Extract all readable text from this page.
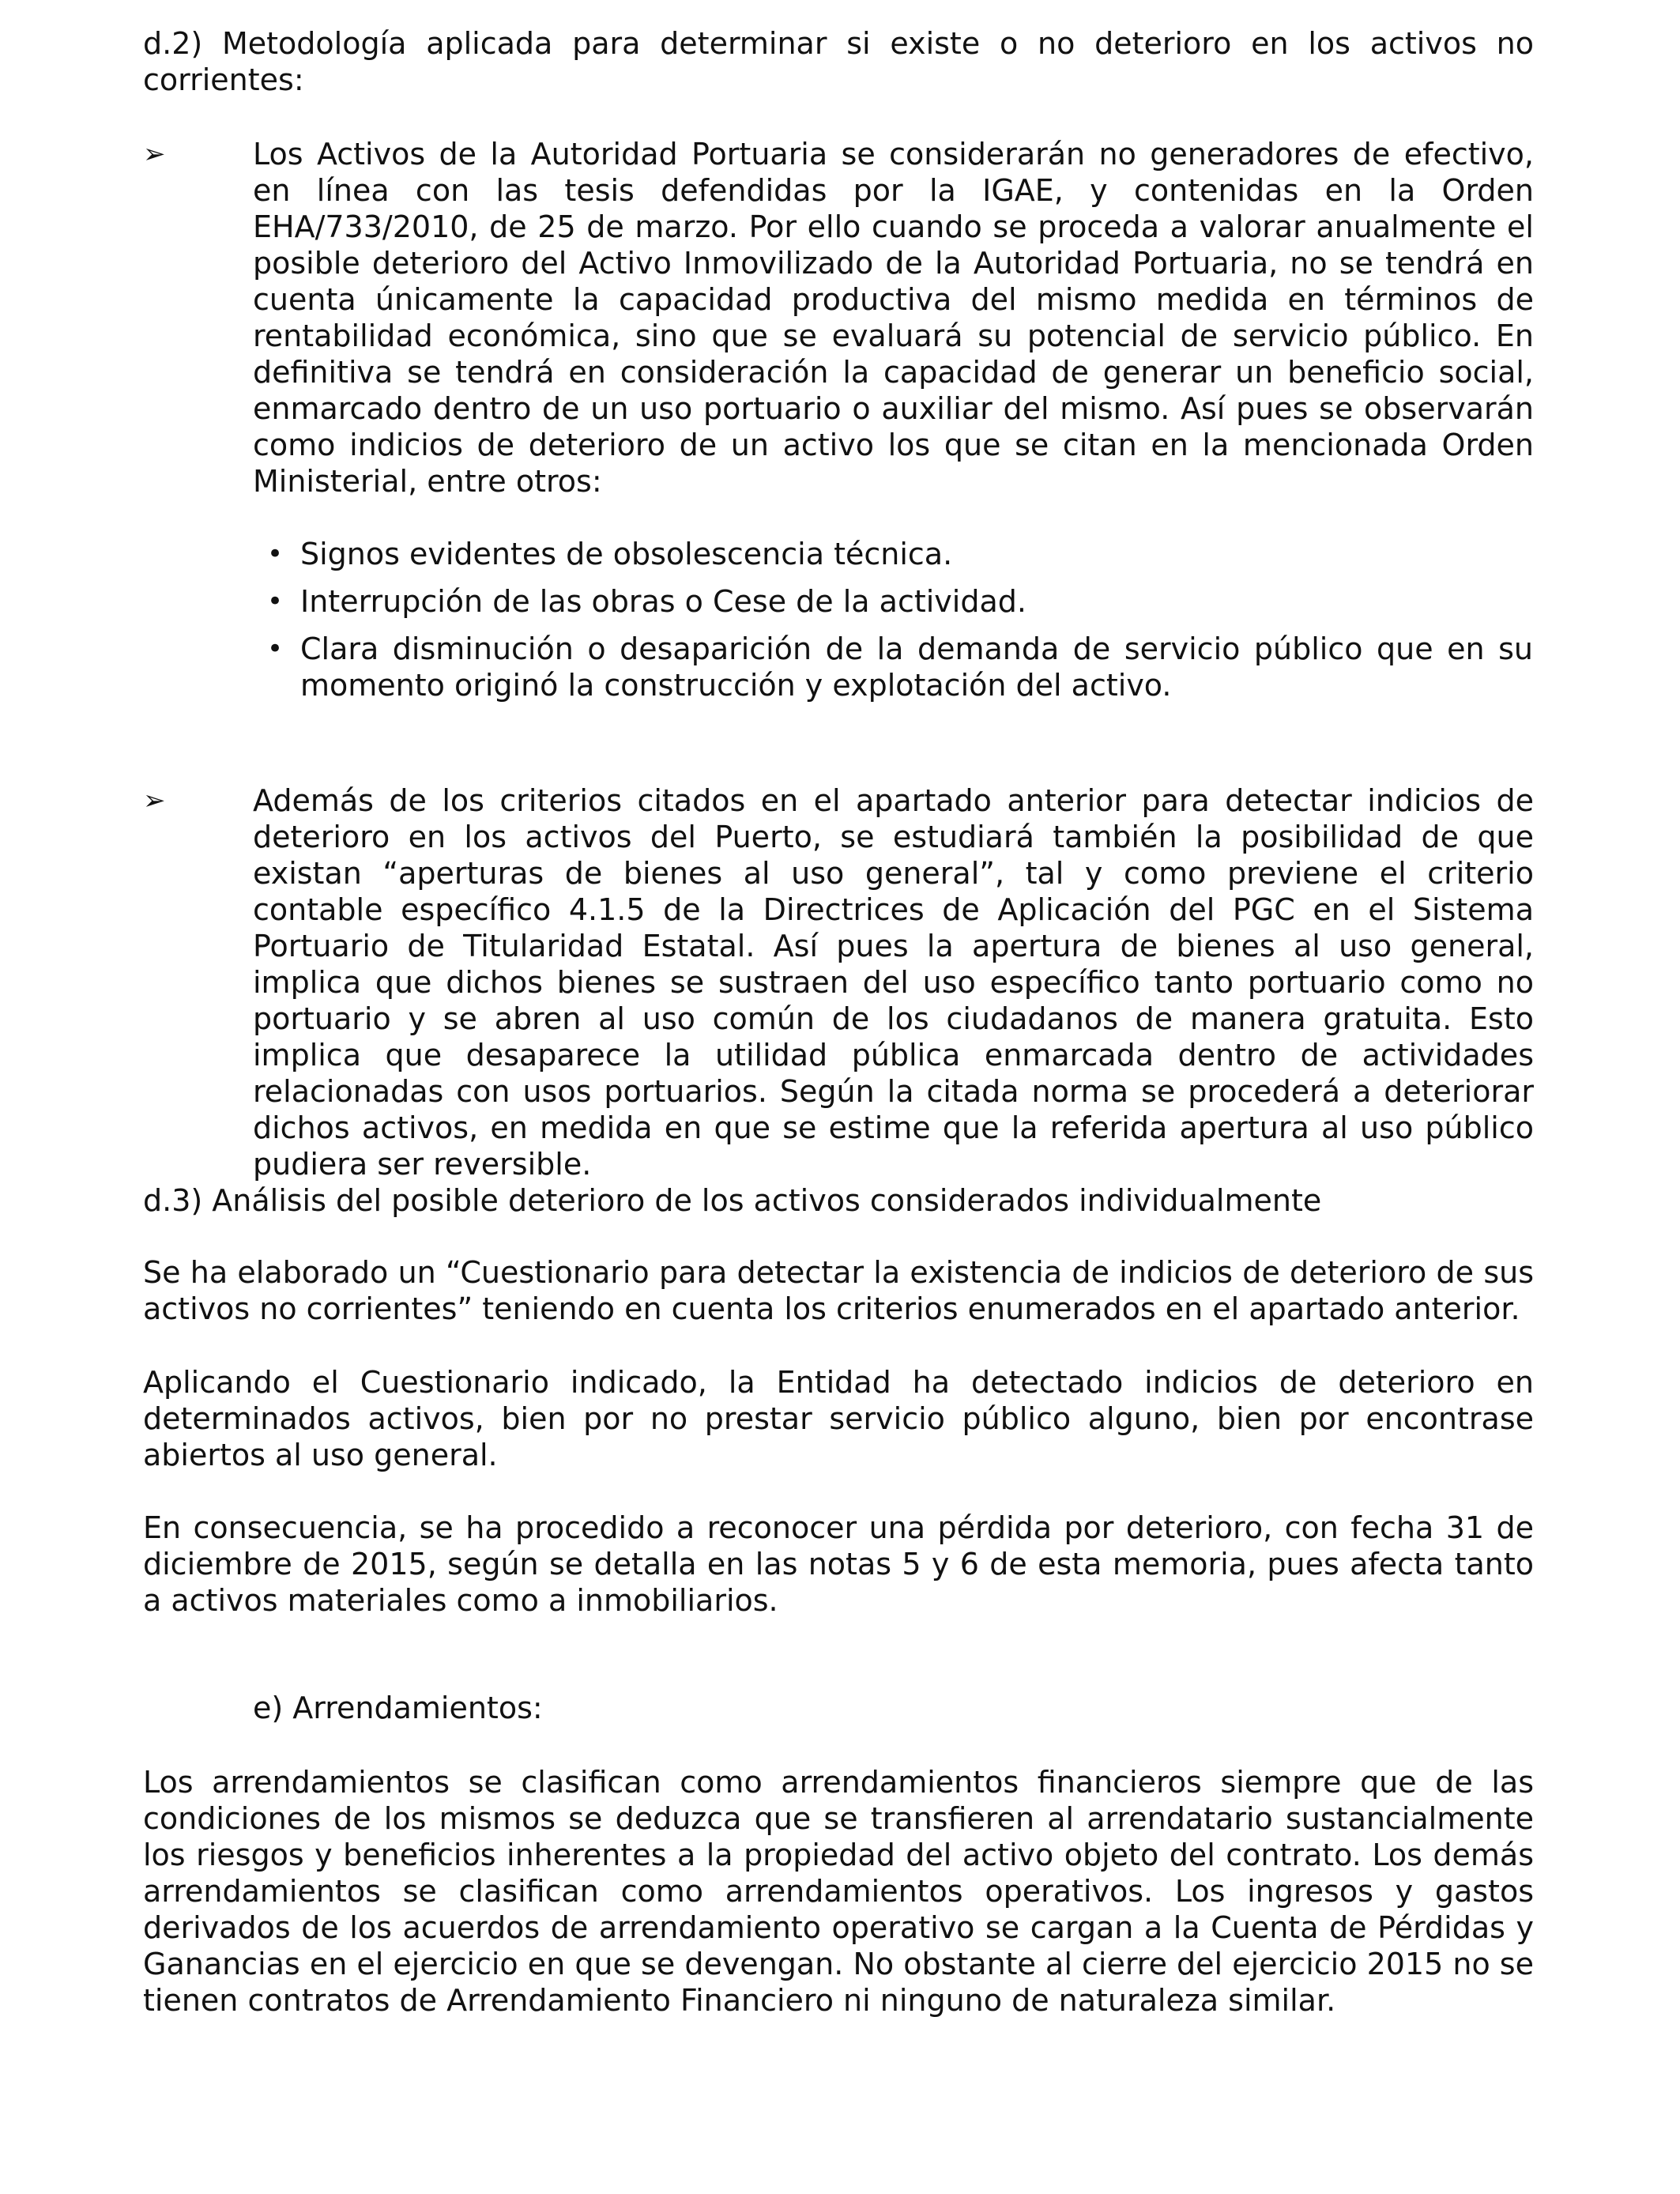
d.2) Metodología aplicada para determinar si existe o no deterioro en los activos no corrientes:

➢	Los Activos de la Autoridad Portuaria se considerarán no generadores de efectivo, en línea con las tesis defendidas por la IGAE, y contenidas en la Orden EHA/733/2010, de 25 de marzo. Por ello cuando se proceda a valorar anualmente el posible deterioro del Activo Inmovilizado de la Autoridad Portuaria, no se tendrá en cuenta únicamente la capacidad productiva del mismo medida en términos de rentabilidad económica, sino que se evaluará su potencial de servicio público. En definitiva se tendrá en consideración la capacidad de generar un beneficio social, enmarcado dentro de un uso portuario o auxiliar del mismo. Así pues se observarán como indicios de deterioro de un activo los que se citan en la mencionada Orden Ministerial, entre otros:
• Signos evidentes de obsolescencia técnica.
• Interrupción de las obras o Cese de la actividad.
• Clara disminución o desaparición de la demanda de servicio público que en su momento originó la construcción y explotación del activo.
➢	Además de los criterios citados en el apartado anterior para detectar indicios de deterioro en los activos del Puerto, se estudiará también la posibilidad de que existan “aperturas de bienes al uso general”, tal y como previene el criterio contable específico 4.1.5 de la Directrices de Aplicación del PGC en el Sistema Portuario de Titularidad Estatal. Así pues la apertura de bienes al uso general, implica que dichos bienes se sustraen del uso específico tanto portuario como no portuario y se abren al uso común de los ciudadanos de manera gratuita. Esto implica que desaparece la utilidad pública enmarcada dentro de actividades relacionadas con usos portuarios. Según la citada norma se procederá a deteriorar dichos activos, en medida en que se estime que la referida apertura al uso público pudiera ser reversible.

d.3) Análisis del posible deterioro de los activos considerados individualmente

Se ha elaborado un “Cuestionario para detectar la existencia de indicios de deterioro de sus activos no corrientes” teniendo en cuenta los criterios enumerados en el apartado anterior.

Aplicando el Cuestionario indicado, la Entidad ha detectado indicios de deterioro en determinados activos, bien por no prestar servicio público alguno, bien por encontrase abiertos al uso general.

En consecuencia, se ha procedido a reconocer una pérdida por deterioro, con fecha 31 de diciembre de 2015, según se detalla en las notas 5 y 6 de esta memoria, pues afecta tanto a activos materiales como a inmobiliarios.

e) Arrendamientos:

Los arrendamientos se clasifican como arrendamientos financieros siempre que de las condiciones de los mismos se deduzca que se transfieren al arrendatario sustancialmente los riesgos y beneficios inherentes a la propiedad del activo objeto del contrato. Los demás arrendamientos se clasifican como arrendamientos operativos. Los ingresos y gastos derivados de los acuerdos de arrendamiento operativo se cargan a la Cuenta de Pérdidas y Ganancias en el ejercicio en que se devengan. No obstante al cierre del ejercicio 2015 no se tienen contratos de Arrendamiento Financiero ni ninguno de naturaleza similar.
